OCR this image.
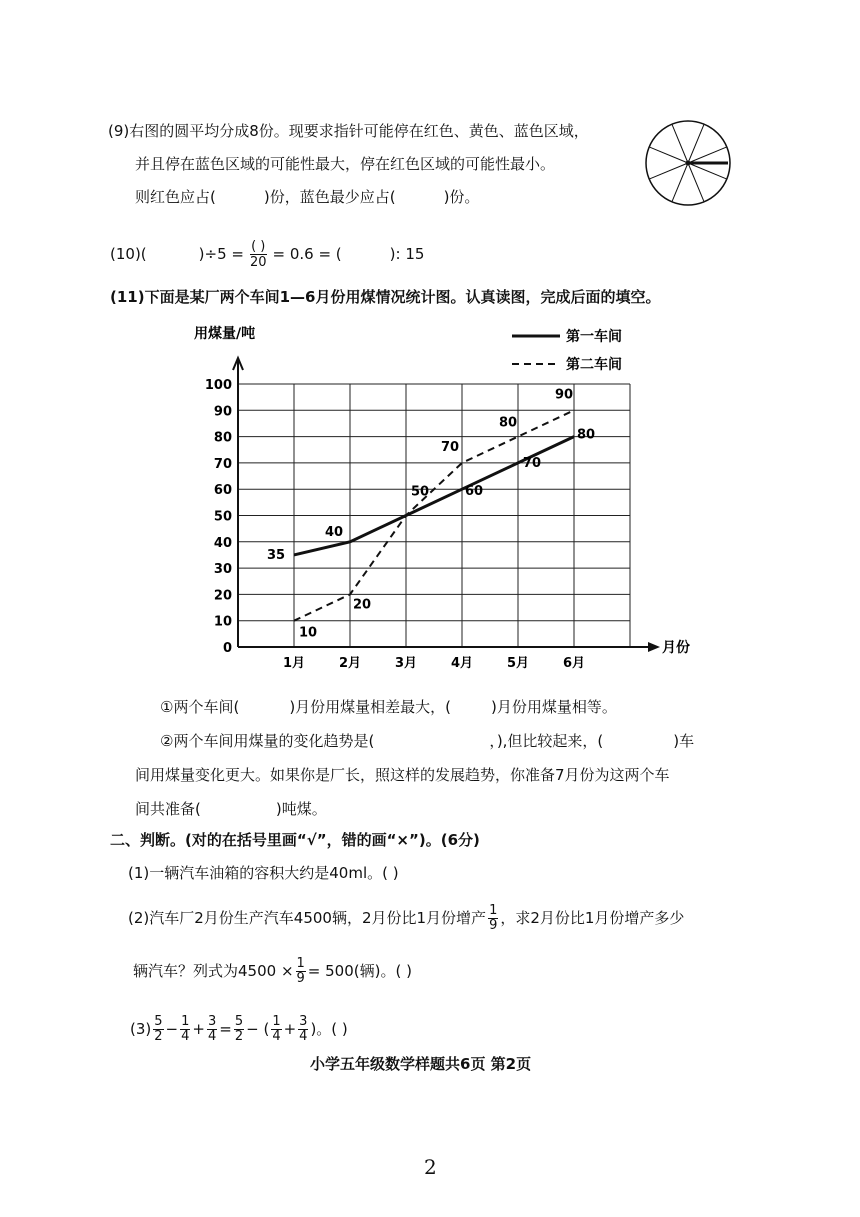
(9)右图的圆平均分成8份。现要求指针可能停在红色、黄色、蓝色区域，
并且停在蓝色区域的可能性最大，停在红色区域的可能性最小。
则红色应占(	)份，蓝色最少应占(	)份。
(10)(	)$\div 5 = \frac{( )}{20} = 0.6$ = (	): 15
(11)下面是某厂两个车间1—6月份用煤情况统计图。认真读图，完成后面的填空。
用煤量/吨
月份
0
10
20
30
40
50
60
70
80
90
100
1月	2月	3月	4月	5月	6月
35
40
50	60
70
80
10
20
70
80
90
第一车间
第二车间
①两个车间(	)月份用煤量相差最大，(	)月份用煤量相等。
②两个车间用煤量的变化趋势是(	，),但比较起来，(	)车
间用煤量变化更大。如果你是厂长，照这样的发展趋势，你准备7月份为这两个车
间共准备(	)吨煤。
二、判断。(对的在括号里画“√”，错的画“×”)。(6分)
(1)一辆汽车油箱的容积大约是40ml。( )
(2)汽车厂2月份生产汽车4500辆，2月份比1月份增产 $\frac{1}{9}$ ，求2月份比1月份增产多少
辆汽车？列式为$4500 \times \frac{1}{9} = 500$(辆)。( )
$(3) \frac{5}{2} - \frac{1}{4} + \frac{3}{4} = \frac{5}{2}$ − ( $\frac{1}{4} + \frac{3}{4}$ )。( )
小学五年级数学样题共6页 第2页
2
